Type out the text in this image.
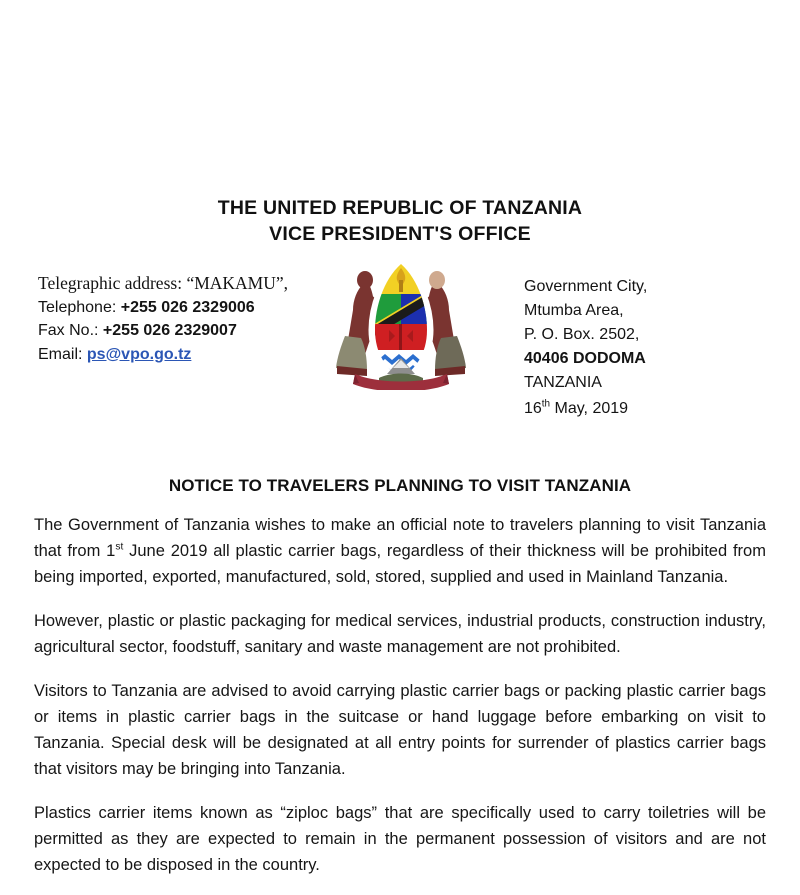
THE UNITED REPUBLIC OF TANZANIA
VICE PRESIDENT'S OFFICE
Telegraphic address: “MAKAMU”,
Telephone: +255 026 2329006
Fax No.: +255 026 2329007
Email: ps@vpo.go.tz
Government City,
Mtumba Area,
P. O. Box. 2502,
40406 DODOMA
TANZANIA
16th May, 2019
NOTICE TO TRAVELERS PLANNING TO VISIT TANZANIA

The Government of Tanzania wishes to make an official note to travelers planning to visit Tanzania that from 1st June 2019 all plastic carrier bags, regardless of their thickness will be prohibited from being imported, exported, manufactured, sold, stored, supplied and used in Mainland Tanzania.

However, plastic or plastic packaging for medical services, industrial products, construction industry, agricultural sector, foodstuff, sanitary and waste management are not prohibited.

Visitors to Tanzania are advised to avoid carrying plastic carrier bags or packing plastic carrier bags or items in plastic carrier bags in the suitcase or hand luggage before embarking on visit to Tanzania. Special desk will be designated at all entry points for surrender of plastics carrier bags that visitors may be bringing into Tanzania.

Plastics carrier items known as “ziploc bags” that are specifically used to carry toiletries will be permitted as they are expected to remain in the permanent possession of visitors and are not expected to be disposed in the country.
